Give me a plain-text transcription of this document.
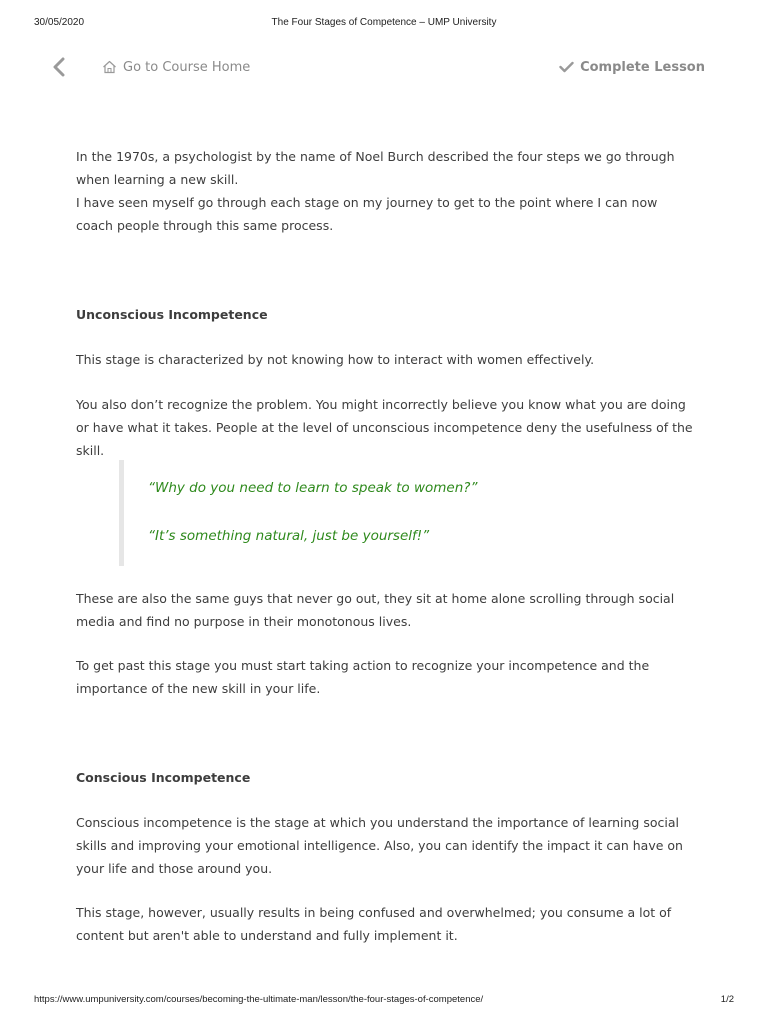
30/05/2020	The Four Stages of Competence – UMP University
Go to Course Home	Complete Lesson

In the 1970s, a psychologist by the name of Noel Burch described the four steps we go through when learning a new skill.

I have seen myself go through each stage on my journey to get to the point where I can now coach people through this same process.

Unconscious Incompetence

This stage is characterized by not knowing how to interact with women effectively.

You also don’t recognize the problem. You might incorrectly believe you know what you are doing or have what it takes. People at the level of unconscious incompetence deny the usefulness of the skill.

“Why do you need to learn to speak to women?”

“It’s something natural, just be yourself!”

These are also the same guys that never go out, they sit at home alone scrolling through social media and find no purpose in their monotonous lives.

To get past this stage you must start taking action to recognize your incompetence and the importance of the new skill in your life.

Conscious Incompetence

Conscious incompetence is the stage at which you understand the importance of learning social skills and improving your emotional intelligence. Also, you can identify the impact it can have on your life and those around you.

This stage, however, usually results in being confused and overwhelmed; you consume a lot of content but aren't able to understand and fully implement it.

https://www.umpuniversity.com/courses/becoming-the-ultimate-man/lesson/the-four-stages-of-competence/	1/2
